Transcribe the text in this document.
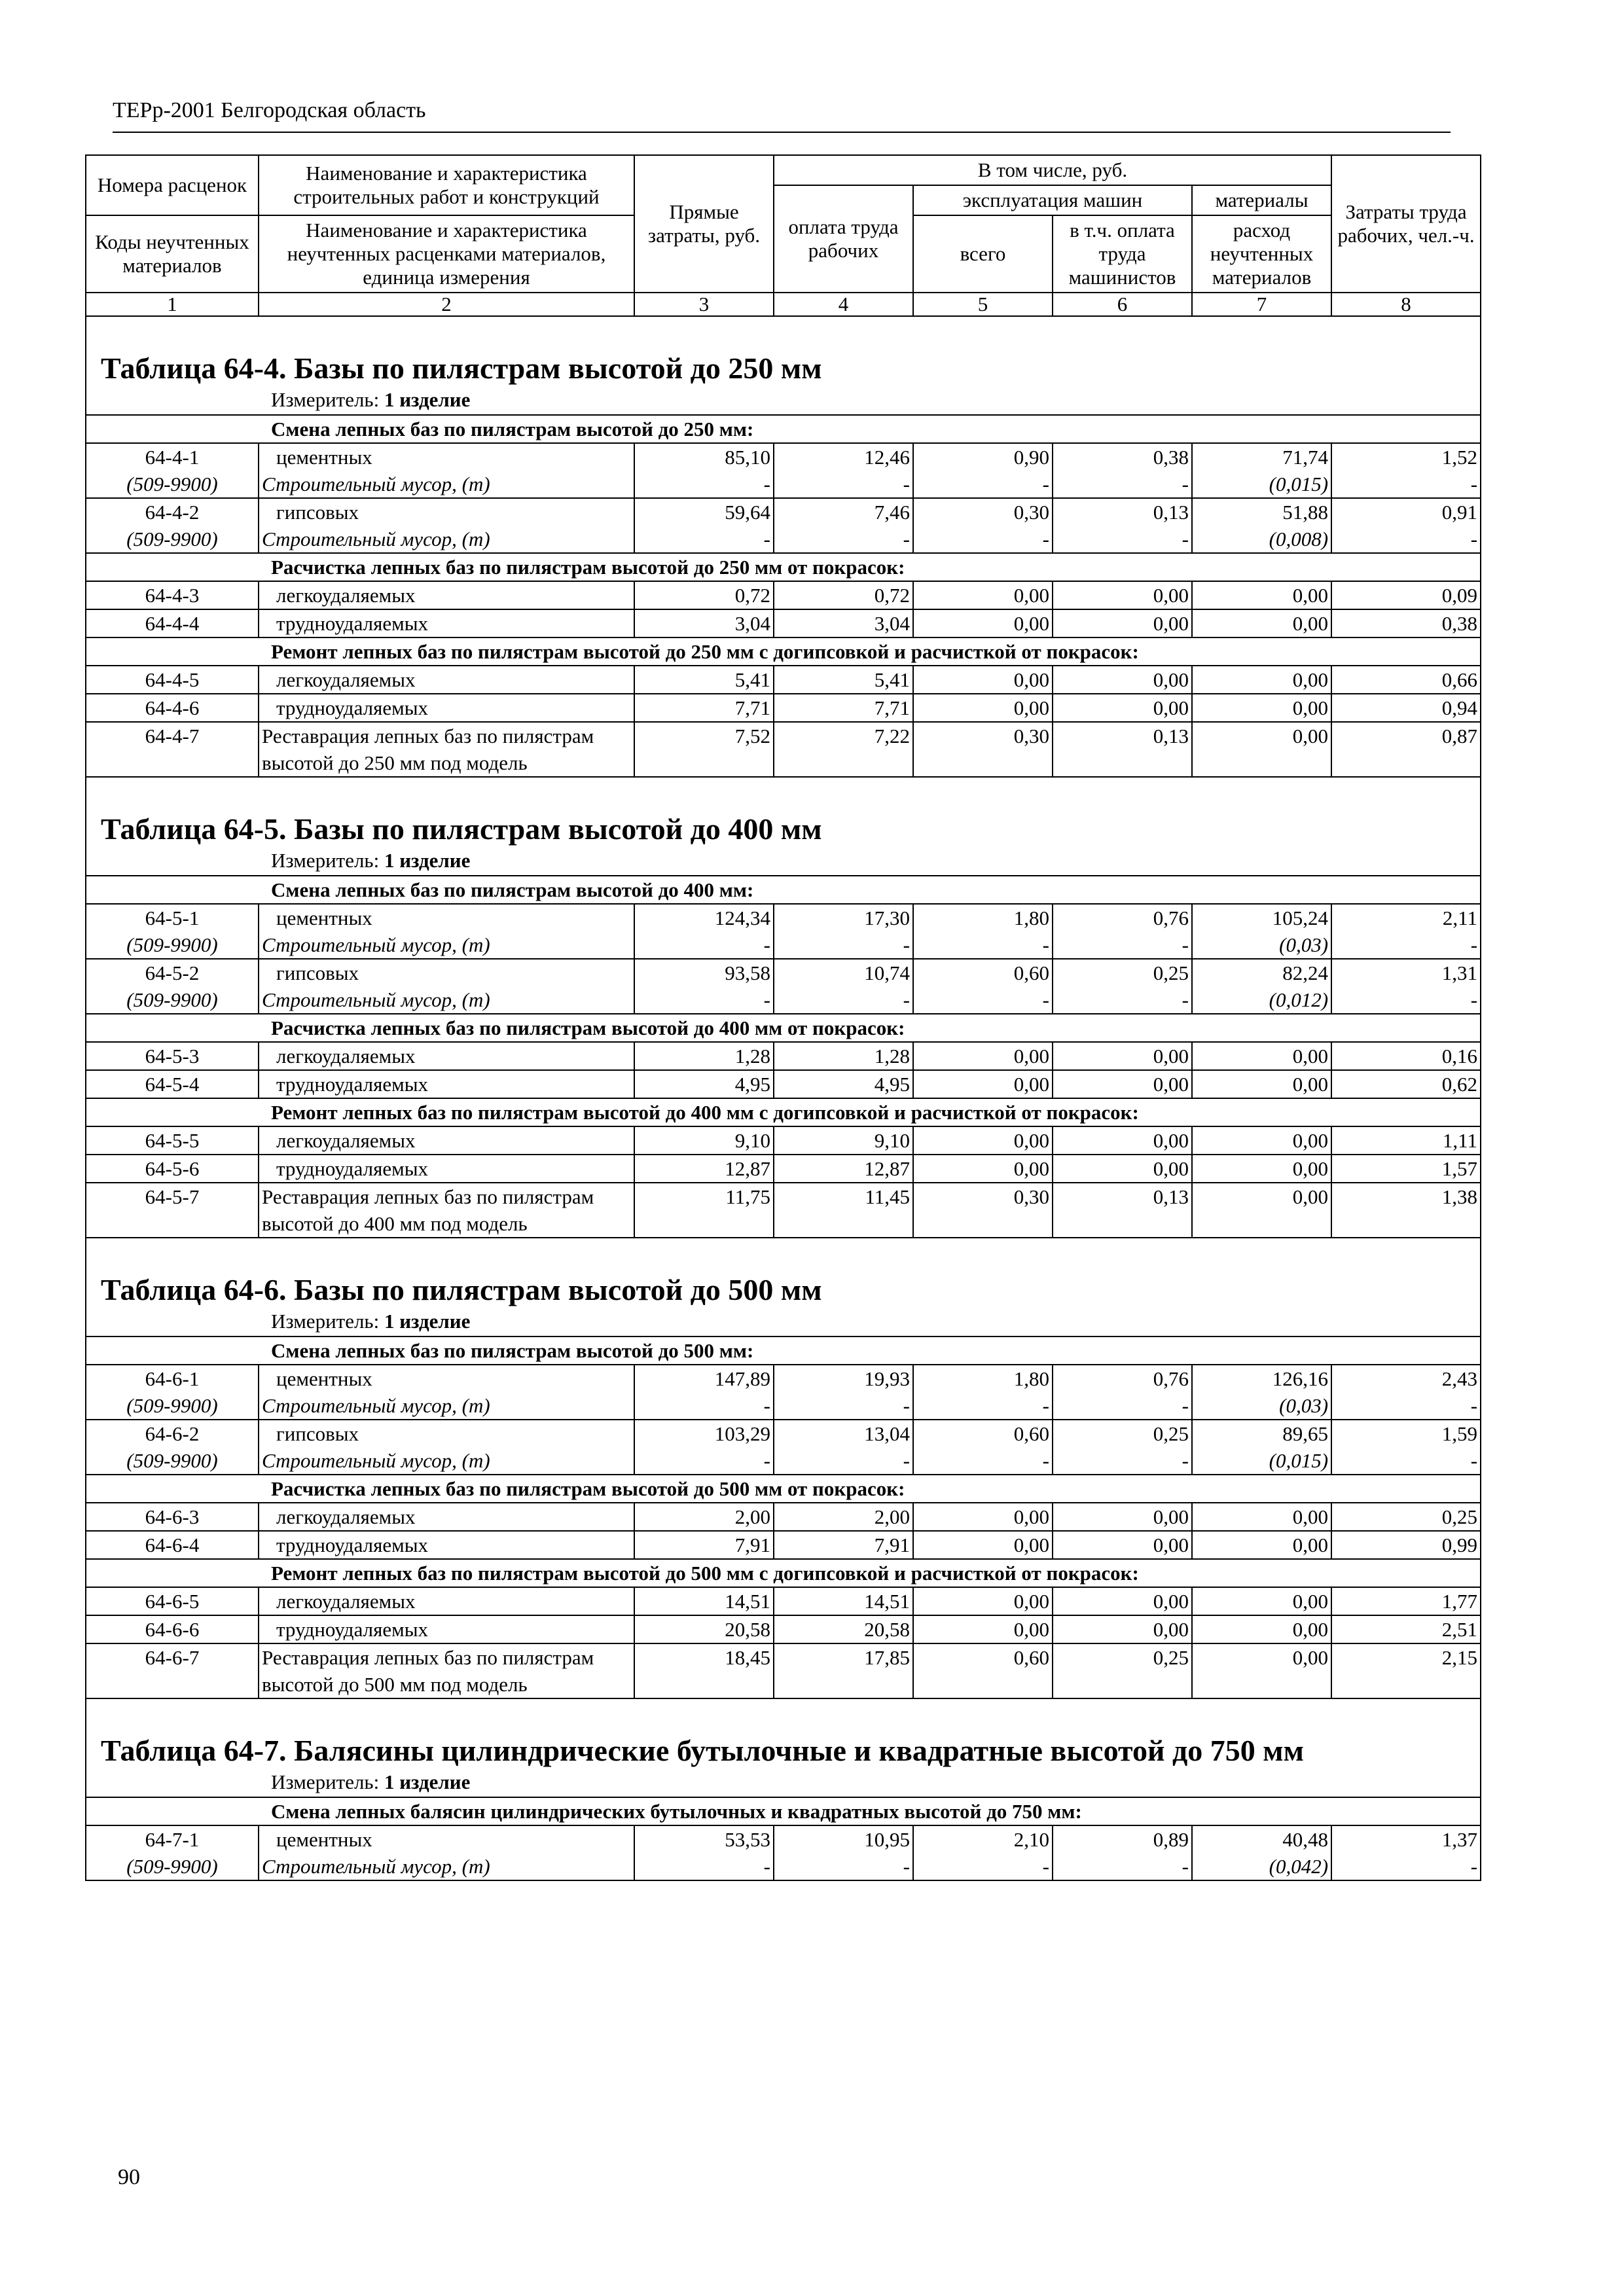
ТЕРр-2001 Белгородская область
Номера расценок	Наименование и характеристика строительных работ и конструкций	Прямые затраты, руб.	В том числе, руб.				Затраты труда рабочих, чел.-ч.
			оплата труда рабочих	эксплуатация машин		материалы	
Коды неучтенных материалов	Наименование и характеристика неучтенных расценками материалов, единица измерения			всего	в т.ч. оплата труда машинистов	расход неучтенных материалов	

1	2	3	4	5	6	7	8

Таблица 64-4. Базы по пилястрам высотой до 250 мм							

Измеритель: 1 изделие							
Смена лепных баз по пилястрам высотой до 250 мм:							
64-4-1	цементных	85,10	12,46	0,90	0,38	71,74	1,52
(509-9900)	Строительный мусор, (т)	-	-	-	-	(0,015)	-
64-4-2	гипсовых	59,64	7,46	0,30	0,13	51,88	0,91
(509-9900)	Строительный мусор, (т)	-	-	-	-	(0,008)	-
Расчистка лепных баз по пилястрам высотой до 250 мм от покрасок:							
64-4-3	легкоудаляемых	0,72	0,72	0,00	0,00	0,00	0,09
64-4-4	трудноудаляемых	3,04	3,04	0,00	0,00	0,00	0,38
Ремонт лепных баз по пилястрам высотой до 250 мм с догипсовкой и расчисткой от покрасок:							
64-4-5	легкоудаляемых	5,41	5,41	0,00	0,00	0,00	0,66
64-4-6	трудноудаляемых	7,71	7,71	0,00	0,00	0,00	0,94
64-4-7	Реставрация лепных баз по пилястрам высотой до 250 мм под модель	7,52	7,22	0,30	0,13	0,00	0,87

Таблица 64-5. Базы по пилястрам высотой до 400 мм							

Измеритель: 1 изделие							
Смена лепных баз по пилястрам высотой до 400 мм:							
64-5-1	цементных	124,34	17,30	1,80	0,76	105,24	2,11
(509-9900)	Строительный мусор, (т)	-	-	-	-	(0,03)	-
64-5-2	гипсовых	93,58	10,74	0,60	0,25	82,24	1,31
(509-9900)	Строительный мусор, (т)	-	-	-	-	(0,012)	-
Расчистка лепных баз по пилястрам высотой до 400 мм от покрасок:							
64-5-3	легкоудаляемых	1,28	1,28	0,00	0,00	0,00	0,16
64-5-4	трудноудаляемых	4,95	4,95	0,00	0,00	0,00	0,62
Ремонт лепных баз по пилястрам высотой до 400 мм с догипсовкой и расчисткой от покрасок:							
64-5-5	легкоудаляемых	9,10	9,10	0,00	0,00	0,00	1,11
64-5-6	трудноудаляемых	12,87	12,87	0,00	0,00	0,00	1,57
64-5-7	Реставрация лепных баз по пилястрам высотой до 400 мм под модель	11,75	11,45	0,30	0,13	0,00	1,38

Таблица 64-6. Базы по пилястрам высотой до 500 мм							

Измеритель: 1 изделие							
Смена лепных баз по пилястрам высотой до 500 мм:							
64-6-1	цементных	147,89	19,93	1,80	0,76	126,16	2,43
(509-9900)	Строительный мусор, (т)	-	-	-	-	(0,03)	-
64-6-2	гипсовых	103,29	13,04	0,60	0,25	89,65	1,59
(509-9900)	Строительный мусор, (т)	-	-	-	-	(0,015)	-
Расчистка лепных баз по пилястрам высотой до 500 мм от покрасок:							
64-6-3	легкоудаляемых	2,00	2,00	0,00	0,00	0,00	0,25
64-6-4	трудноудаляемых	7,91	7,91	0,00	0,00	0,00	0,99
Ремонт лепных баз по пилястрам высотой до 500 мм с догипсовкой и расчисткой от покрасок:							
64-6-5	легкоудаляемых	14,51	14,51	0,00	0,00	0,00	1,77
64-6-6	трудноудаляемых	20,58	20,58	0,00	0,00	0,00	2,51
64-6-7	Реставрация лепных баз по пилястрам высотой до 500 мм под модель	18,45	17,85	0,60	0,25	0,00	2,15

Таблица 64-7. Балясины цилиндрические бутылочные и квадратные высотой до 750 мм							

Измеритель: 1 изделие							
Смена лепных балясин цилиндрических бутылочных и квадратных высотой до 750 мм:							
64-7-1	цементных	53,53	10,95	2,10	0,89	40,48	1,37
(509-9900)	Строительный мусор, (т)	-	-	-	-	(0,042)	-
90
